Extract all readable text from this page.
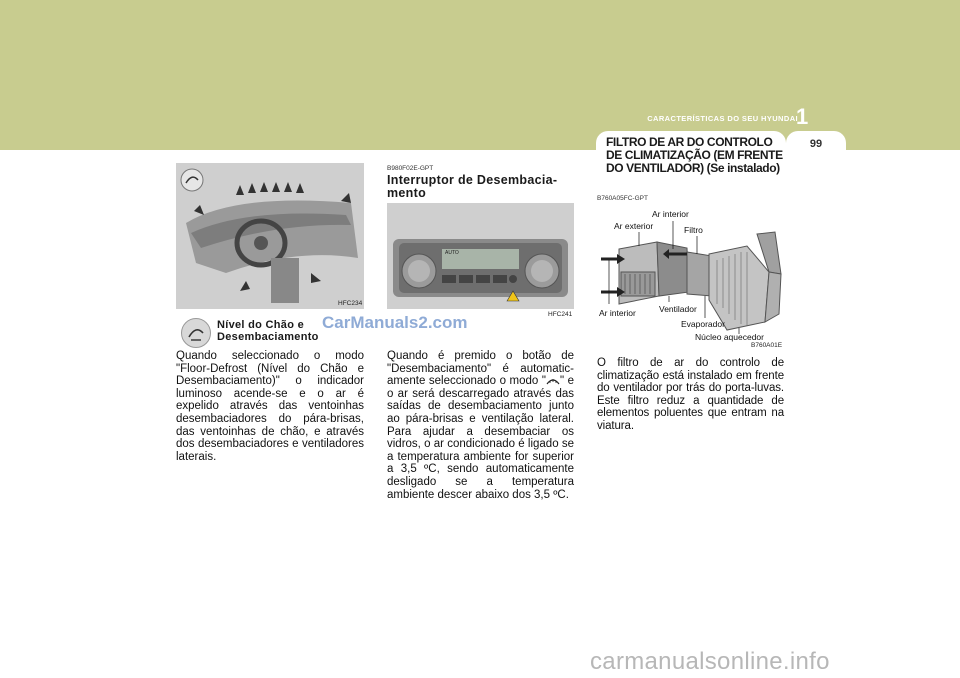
CARACTERÍSTICAS DO SEU HYUNDAI
1
99
HFC234
Nível do Chão e Desembaciamento
Quando seleccionado o modo "Floor-Defrost (Nível do Chão e Desembaciamento)" o indicador luminoso acende-se e o ar é expelido através das ventoinhas desembaciadores do pára-brisas, das ventoinhas de chão, e através dos desembaciadores e ventiladores laterais.
B980F02E-GPT
Interruptor de Desembacia-mento
AUTO
HFC241
Quando é premido o botão de "Desembaciamento" é automatic-amente seleccionado o modo " " e o ar será descarregado através das saídas de desembaciamento junto ao pára-brisas e ventilação lateral. Para ajudar a desembaciar os vidros, o ar condicionado é ligado se a temperatura ambiente for superior a 3,5 ºC, sendo automaticamente desligado se a temperatura ambiente descer abaixo dos 3,5 ºC.
FILTRO DE AR DO CONTROLO DE CLIMATIZAÇÃO (EM FRENTE DO VENTILADOR) (Se instalado)
B760A05FC-GPT
Ar interior
Ar exterior	Filtro
Ar interior	Ventilador
Evaporador
Núcleo aquecedor
B760A01E
O filtro de ar do controlo de climatização está instalado em frente do ventilador por trás do porta-luvas. Este filtro reduz a quantidade de elementos poluentes que entram na viatura.
CarManuals2.com
carmanualsonline.info
